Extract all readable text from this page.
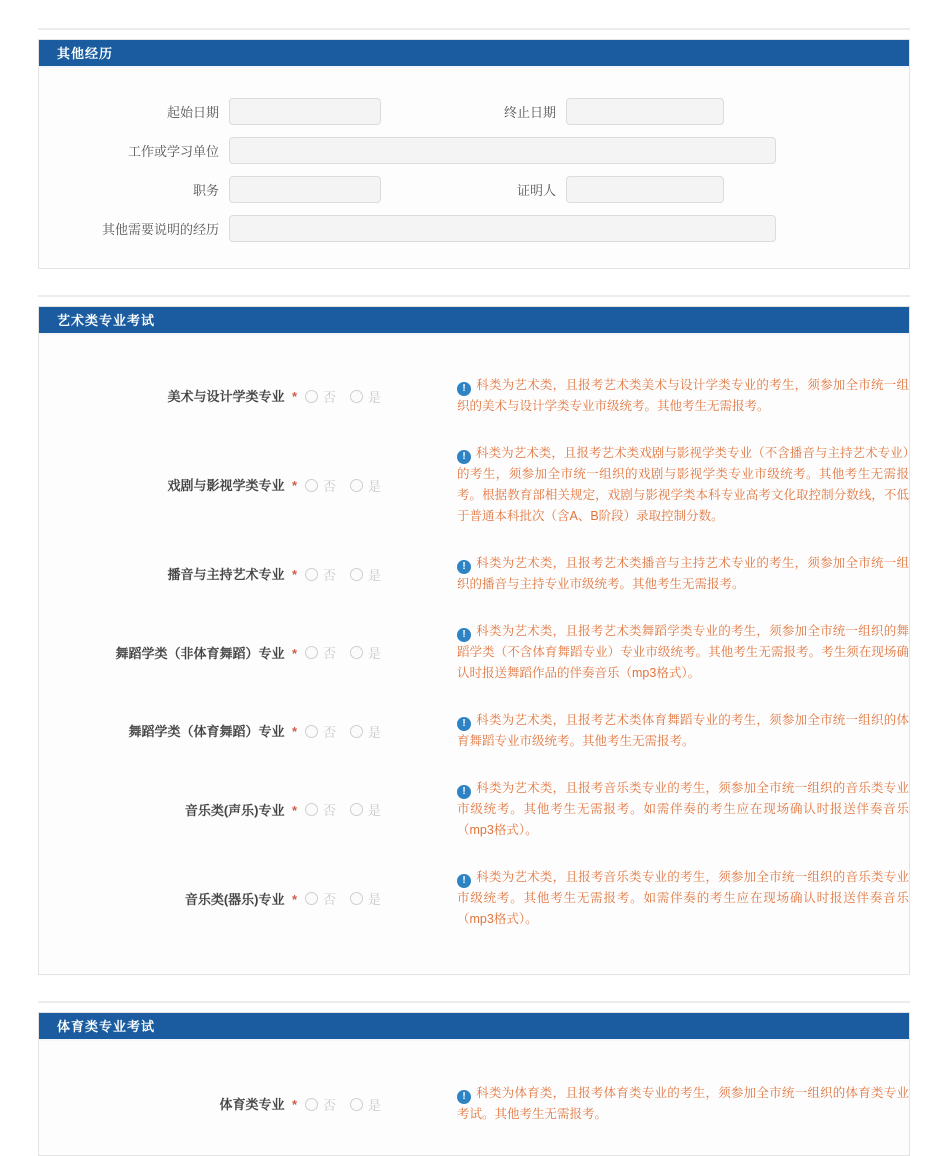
其他经历
起始日期	终止日期
工作或学习单位
职务	证明人
其他需要说明的经历
艺术类专业考试
美术与设计学类专业 * 否 是
! 科类为艺术类，且报考艺术类美术与设计学类专业的考生，须参加全市统一组织的美术与设计学类专业市级统考。其他考生无需报考。
戏剧与影视学类专业 * 否 是
! 科类为艺术类，且报考艺术类戏剧与影视学类专业（不含播音与主持艺术专业）的考生，须参加全市统一组织的戏剧与影视学类专业市级统考。其他考生无需报考。根据教育部相关规定，戏剧与影视学类本科专业高考文化取控制分数线，不低于普通本科批次（含A、B阶段）录取控制分数。
播音与主持艺术专业 * 否 是
! 科类为艺术类，且报考艺术类播音与主持艺术专业的考生，须参加全市统一组织的播音与主持专业市级统考。其他考生无需报考。
舞蹈学类（非体育舞蹈）专业 * 否 是
! 科类为艺术类，且报考艺术类舞蹈学类专业的考生，须参加全市统一组织的舞蹈学类（不含体育舞蹈专业）专业市级统考。其他考生无需报考。考生须在现场确认时报送舞蹈作品的伴奏音乐（mp3格式）。
舞蹈学类（体育舞蹈）专业 * 否 是
! 科类为艺术类，且报考艺术类体育舞蹈专业的考生，须参加全市统一组织的体育舞蹈专业市级统考。其他考生无需报考。
音乐类(声乐)专业 * 否 是
! 科类为艺术类，且报考音乐类专业的考生，须参加全市统一组织的音乐类专业市级统考。其他考生无需报考。如需伴奏的考生应在现场确认时报送伴奏音乐（mp3格式）。
音乐类(器乐)专业 * 否 是
! 科类为艺术类，且报考音乐类专业的考生，须参加全市统一组织的音乐类专业市级统考。其他考生无需报考。如需伴奏的考生应在现场确认时报送伴奏音乐（mp3格式）。
体育类专业考试
体育类专业 * 否 是
! 科类为体育类，且报考体育类专业的考生，须参加全市统一组织的体育类专业考试。其他考生无需报考。
